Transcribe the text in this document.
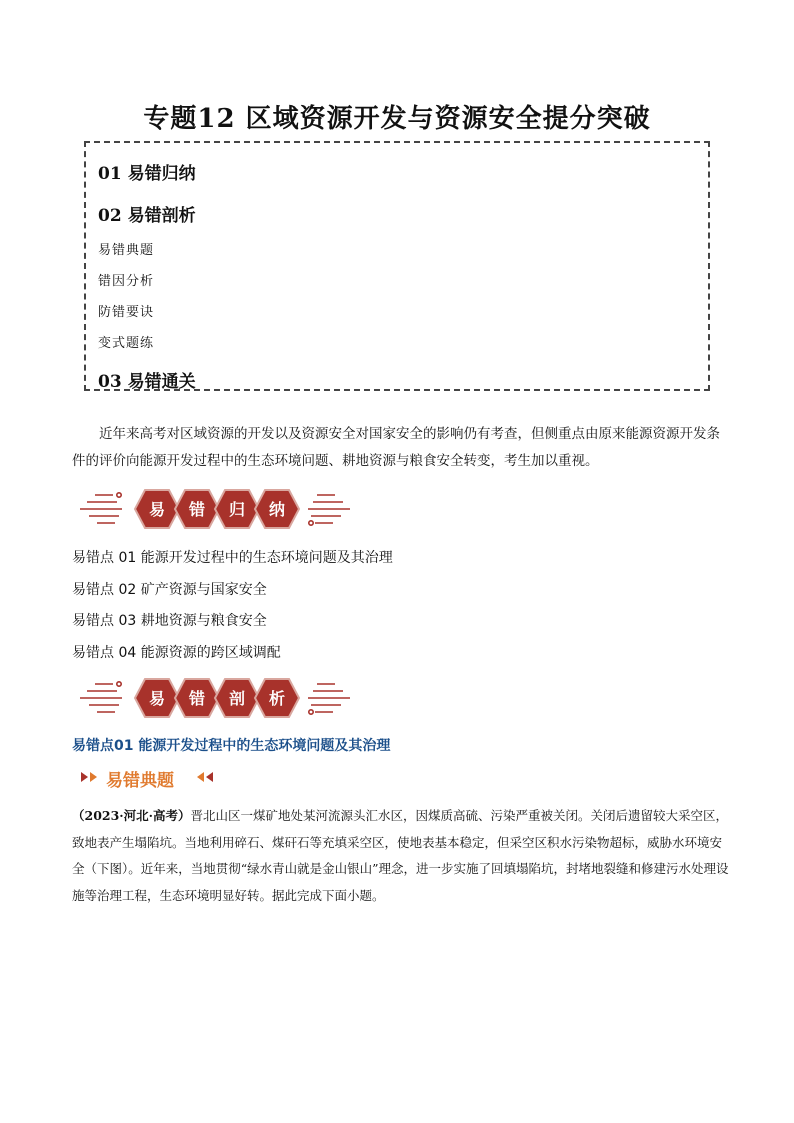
专题12 区域资源开发与资源安全提分突破
01 易错归纳
02 易错剖析
易错典题
错因分析
防错要诀
变式题练
03 易错通关
近年来高考对区域资源的开发以及资源安全对国家安全的影响仍有考查，但侧重点由原来能源资源开发条件的评价向能源开发过程中的生态环境问题、耕地资源与粮食安全转变，考生加以重视。
易 错 归 纳
易错点 01 能源开发过程中的生态环境问题及其治理
易错点 02 矿产资源与国家安全
易错点 03 耕地资源与粮食安全
易错点 04 能源资源的跨区域调配
易 错 剖 析
易错点01 能源开发过程中的生态环境问题及其治理
易错典题
（2023·河北·高考）晋北山区一煤矿地处某河流源头汇水区，因煤质高硫、污染严重被关闭。关闭后遗留较大采空区，致地表产生塌陷坑。当地利用碎石、煤矸石等充填采空区，使地表基本稳定，但采空区积水污染物超标，威胁水环境安全（下图）。近年来，当地贯彻“绿水青山就是金山银山”理念，进一步实施了回填塌陷坑，封堵地裂缝和修建污水处理设施等治理工程，生态环境明显好转。据此完成下面小题。
